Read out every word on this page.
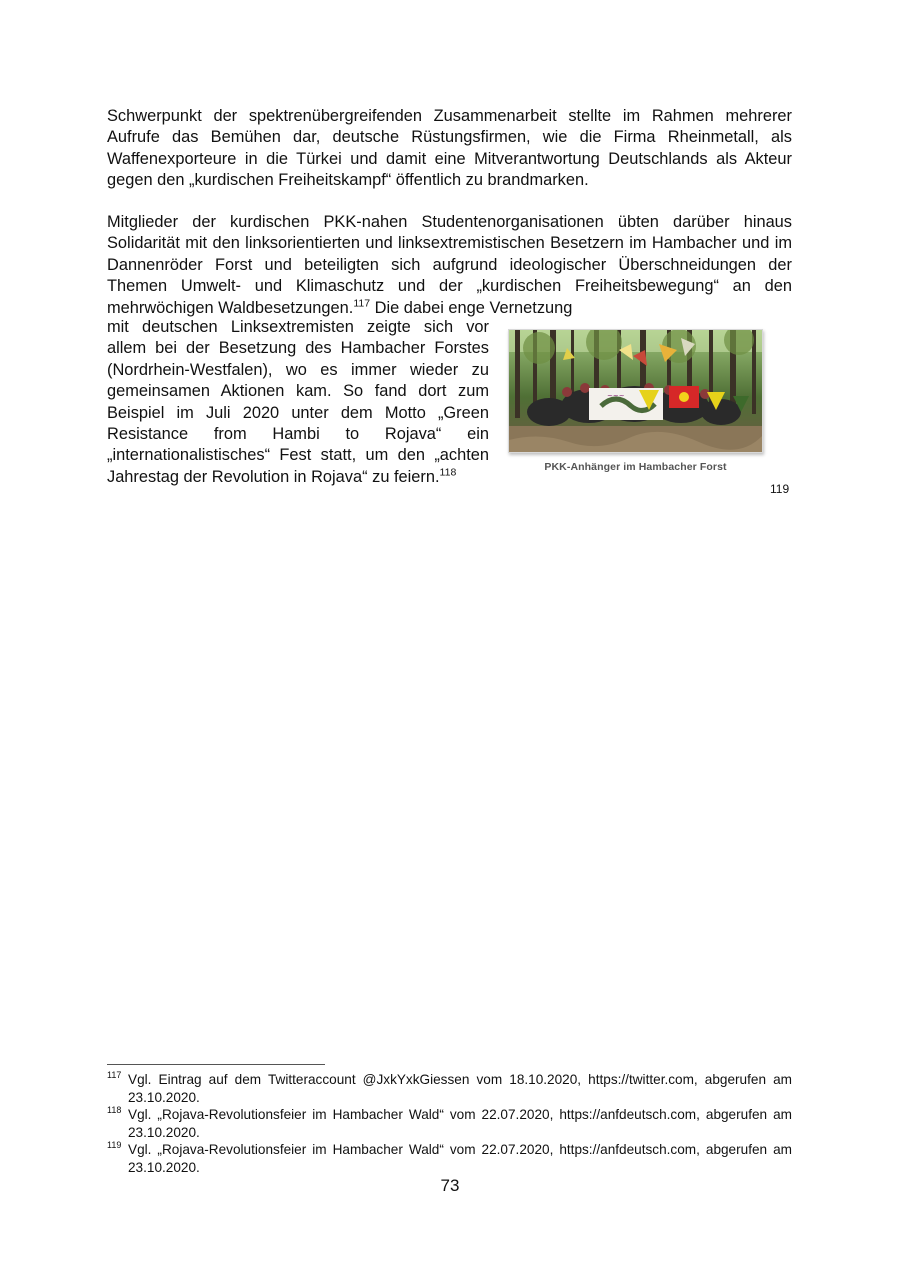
Schwerpunkt der spektrenübergreifenden Zusammenarbeit stellte im Rahmen mehrerer Aufrufe das Bemühen dar, deutsche Rüstungsfirmen, wie die Firma Rheinmetall, als Waffenexporteure in die Türkei und damit eine Mitverantwortung Deutschlands als Akteur gegen den „kurdischen Freiheitskampf“ öffentlich zu brandmarken.

Mitglieder der kurdischen PKK-nahen Studentenorganisationen übten darüber hinaus Solidarität mit den linksorientierten und linksextremistischen Besetzern im Hambacher und im Dannenröder Forst und beteiligten sich aufgrund ideologischer Überschneidungen der Themen Umwelt- und Klimaschutz und der „kurdischen Freiheitsbewegung“ an den mehrwöchigen Waldbesetzungen.$^{117}$ Die dabei enge Vernetzung

mit deutschen Linksextremisten zeigte sich vor allem bei der Besetzung des Hambacher Forstes (Nordrhein-Westfalen), wo es immer wieder zu gemeinsamen Aktionen kam. So fand dort zum Beispiel im Juli 2020 unter dem Motto „Green Resistance from Hambi to Rojava“ ein „internationalistisches“ Fest statt, um den „achten Jahrestag der Revolution in Rojava“ zu feiern.$^{118}$

~~~
PKK-Anhänger im Hambacher Forst
119

117 Vgl. Eintrag auf dem Twitteraccount @JxkYxkGiessen vom 18.10.2020, https://twitter.com, abgerufen am 23.10.2020.

118 Vgl. „Rojava-Revolutionsfeier im Hambacher Wald“ vom 22.07.2020, https://anfdeutsch.com, abgerufen am 23.10.2020.

119 Vgl. „Rojava-Revolutionsfeier im Hambacher Wald“ vom 22.07.2020, https://anfdeutsch.com, abgerufen am 23.10.2020.

73
